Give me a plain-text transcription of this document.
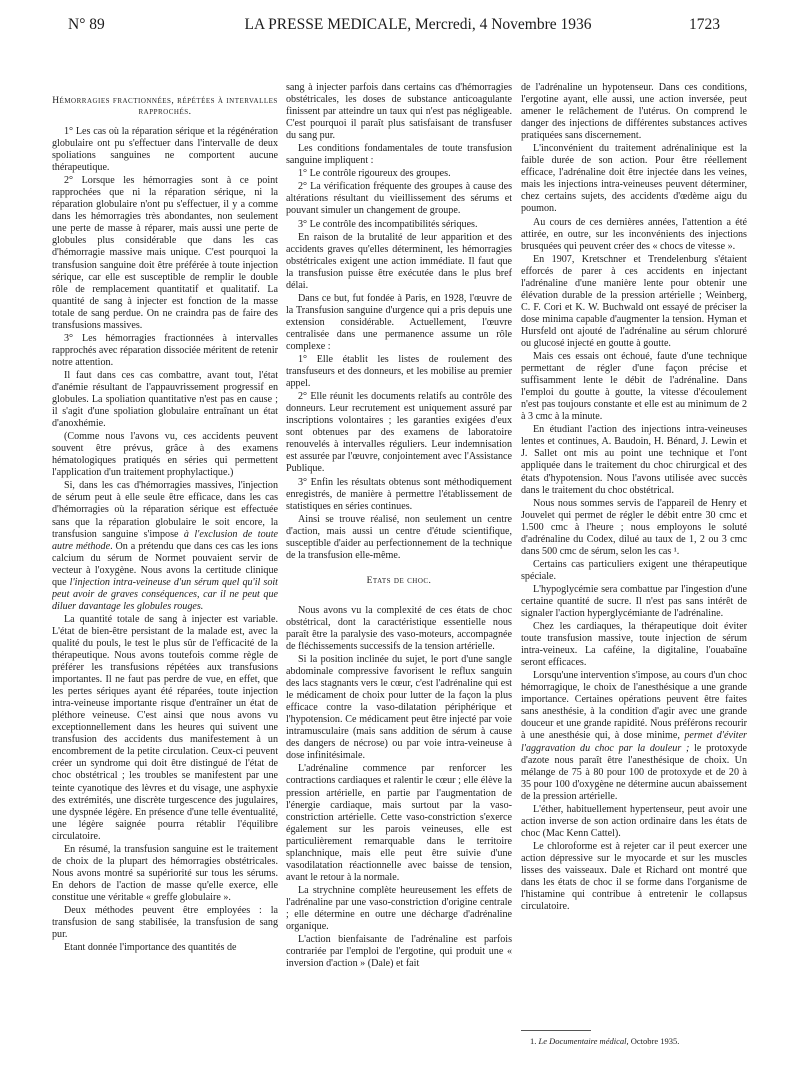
N° 89	LA PRESSE MEDICALE, Mercredi, 4 Novembre 1936	1723

Hémorragies fractionnées, répétées à intervalles rapprochés.

1° Les cas où la réparation sérique et la régénération globulaire ont pu s'effectuer dans l'intervalle de deux spoliations sanguines ne comportent aucune thérapeutique.

2° Lorsque les hémorragies sont à ce point rapprochées que ni la réparation sérique, ni la réparation globulaire n'ont pu s'effectuer, il y a comme dans les hémorragies très abondantes, non seulement une perte de masse à réparer, mais aussi une perte de globules plus considérable que dans les cas d'hémorragie massive mais unique. C'est pourquoi la transfusion sanguine doit être préférée à toute injection sérique, car elle est susceptible de remplir le double rôle de remplacement quantitatif et qualitatif. La quantité de sang à injecter est fonction de la masse totale de sang perdue. On ne craindra pas de faire des transfusions massives.

3° Les hémorragies fractionnées à intervalles rapprochés avec réparation dissociée méritent de retenir notre attention.

Il faut dans ces cas combattre, avant tout, l'état d'anémie résultant de l'appauvrissement progressif en globules. La spoliation quantitative n'est pas en cause ; il s'agit d'une spoliation globulaire entraînant un état d'anoxhémie.

(Comme nous l'avons vu, ces accidents peuvent souvent être prévus, grâce à des examens hématologiques pratiqués en séries qui permettent l'application d'un traitement prophylactique.)

Si, dans les cas d'hémorragies massives, l'injection de sérum peut à elle seule être efficace, dans les cas d'hémorragies où la réparation sérique est effectuée sans que la réparation globulaire le soit encore, la transfusion sanguine s'impose à l'exclusion de toute autre méthode. On a prétendu que dans ces cas les ions calcium du sérum de Normet pouvaient servir de vecteur à l'oxygène. Nous avons la certitude clinique que l'injection intra-veineuse d'un sérum quel qu'il soit peut avoir de graves conséquences, car il ne peut que diluer davantage les globules rouges.

La quantité totale de sang à injecter est variable. L'état de bien-être persistant de la malade est, avec la qualité du pouls, le test le plus sûr de l'efficacité de la thérapeutique. Nous avons toutefois comme règle de préférer les transfusions répétées aux transfusions importantes. Il ne faut pas perdre de vue, en effet, que les pertes sériques ayant été réparées, toute injection intra-veineuse importante risque d'entraîner un état de pléthore veineuse. C'est ainsi que nous avons vu exceptionnellement dans les heures qui suivent une transfusion des accidents dus manifestement à un encombrement de la petite circulation. Ceux-ci peuvent créer un syndrome qui doit être distingué de l'état de choc obstétrical ; les troubles se manifestent par une teinte cyanotique des lèvres et du visage, une asphyxie des extrémités, une discrète turgescence des jugulaires, une dyspnée légère. En présence d'une telle éventualité, une légère saignée pourra rétablir l'équilibre circulatoire.

En résumé, la transfusion sanguine est le traitement de choix de la plupart des hémorragies obstétricales. Nous avons montré sa supériorité sur tous les sérums. En dehors de l'action de masse qu'elle exerce, elle constitue une véritable « greffe globulaire ».

Deux méthodes peuvent être employées : la transfusion de sang stabilisée, la transfusion de sang pur.

Etant donnée l'importance des quantités de

sang à injecter parfois dans certains cas d'hémorragies obstétricales, les doses de substance anticoagulante finissent par atteindre un taux qui n'est pas négligeable. C'est pourquoi il paraît plus satisfaisant de transfuser du sang pur.

Les conditions fondamentales de toute transfusion sanguine impliquent :

1° Le contrôle rigoureux des groupes.

2° La vérification fréquente des groupes à cause des altérations résultant du vieillissement des sérums et pouvant simuler un changement de groupe.

3° Le contrôle des incompatibilités sériques.

En raison de la brutalité de leur apparition et des accidents graves qu'elles déterminent, les hémorragies obstétricales exigent une action immédiate. Il faut que la transfusion puisse être exécutée dans le plus bref délai.

Dans ce but, fut fondée à Paris, en 1928, l'œuvre de la Transfusion sanguine d'urgence qui a pris depuis une extension considérable. Actuellement, l'œuvre centralisée dans une permanence assume un rôle complexe :

1° Elle établit les listes de roulement des transfuseurs et des donneurs, et les mobilise au premier appel.

2° Elle réunit les documents relatifs au contrôle des donneurs. Leur recrutement est uniquement assuré par inscriptions volontaires ; les garanties exigées d'eux sont obtenues par des examens de laboratoire renouvelés à intervalles réguliers. Leur indemnisation est assurée par l'œuvre, conjointement avec l'Assistance Publique.

3° Enfin les résultats obtenus sont méthodiquement enregistrés, de manière à permettre l'établissement de statistiques en séries continues.

Ainsi se trouve réalisé, non seulement un centre d'action, mais aussi un centre d'étude scientifique, susceptible d'aider au perfectionnement de la technique de la transfusion elle-même.

Etats de choc.

Nous avons vu la complexité de ces états de choc obstétrical, dont la caractéristique essentielle nous paraît être la paralysie des vaso-moteurs, accompagnée de fléchissements successifs de la tension artérielle.

Si la position inclinée du sujet, le port d'une sangle abdominale compressive favorisent le reflux sanguin des lacs stagnants vers le cœur, c'est l'adrénaline qui est le médicament de choix pour lutter de la façon la plus efficace contre la vaso-dilatation périphérique et l'hypotension. Ce médicament peut être injecté par voie intramusculaire (mais sans addition de sérum à cause des dangers de nécrose) ou par voie intra-veineuse à dose infinitésimale.

L'adrénaline commence par renforcer les contractions cardiaques et ralentir le cœur ; elle élève la pression artérielle, en partie par l'augmentation de l'énergie cardiaque, mais surtout par la vaso-constriction artérielle. Cette vaso-constriction s'exerce également sur les parois veineuses, elle est particulièrement remarquable dans le territoire splanchnique, mais elle peut être suivie d'une vasodilatation réactionnelle avec baisse de tension, avant le retour à la normale.

La strychnine complète heureusement les effets de l'adrénaline par une vaso-constriction d'origine centrale ; elle détermine en outre une décharge d'adrénaline organique.

L'action bienfaisante de l'adrénaline est parfois contrariée par l'emploi de l'ergotine, qui produit une « inversion d'action » (Dale) et fait

de l'adrénaline un hypotenseur. Dans ces conditions, l'ergotine ayant, elle aussi, une action inversée, peut amener le relâchement de l'utérus. On comprend le danger des injections de différentes substances actives pratiquées sans discernement.

L'inconvénient du traitement adrénalinique est la faible durée de son action. Pour être réellement efficace, l'adrénaline doit être injectée dans les veines, mais les injections intra-veineuses peuvent déterminer, chez certains sujets, des accidents d'œdème aigu du poumon.

Au cours de ces dernières années, l'attention a été attirée, en outre, sur les inconvénients des injections brusquées qui peuvent créer des « chocs de vitesse ».

En 1907, Kretschner et Trendelenburg s'étaient efforcés de parer à ces accidents en injectant l'adrénaline d'une manière lente pour obtenir une élévation durable de la pression artérielle ; Weinberg, C. F. Cori et K. W. Buchwald ont essayé de préciser la dose minima capable d'augmenter la tension. Hyman et Hursfeld ont ajouté de l'adrénaline au sérum chloruré ou glucosé injecté en goutte à goutte.

Mais ces essais ont échoué, faute d'une technique permettant de régler d'une façon précise et suffisamment lente le débit de l'adrénaline. Dans l'emploi du goutte à goutte, la vitesse d'écoulement n'est pas toujours constante et elle est au minimum de 2 à 3 cmc à la minute.

En étudiant l'action des injections intra-veineuses lentes et continues, A. Baudoin, H. Bénard, J. Lewin et J. Sallet ont mis au point une technique et l'ont appliquée dans le traitement du choc chirurgical et des états d'hypotension. Nous l'avons utilisée avec succès dans le traitement du choc obstétrical.

Nous nous sommes servis de l'appareil de Henry et Jouvelet qui permet de régler le débit entre 30 cmc et 1.500 cmc à l'heure ; nous employons le soluté d'adrénaline du Codex, dilué au taux de 1, 2 ou 3 cmc dans 500 cmc de sérum, selon les cas ¹.

Certains cas particuliers exigent une thérapeutique spéciale.

L'hypoglycémie sera combattue par l'ingestion d'une certaine quantité de sucre. Il n'est pas sans intérêt de signaler l'action hyperglycémiante de l'adrénaline.

Chez les cardiaques, la thérapeutique doit éviter toute transfusion massive, toute injection de sérum intra-veineux. La caféine, la digitaline, l'ouabaïne seront efficaces.

Lorsqu'une intervention s'impose, au cours d'un choc hémorragique, le choix de l'anesthésique a une grande importance. Certaines opérations peuvent être faites sans anesthésie, à la condition d'agir avec une grande douceur et une grande rapidité. Nous préférons recourir à une anesthésie qui, à dose minime, permet d'éviter l'aggravation du choc par la douleur ; le protoxyde d'azote nous paraît être l'anesthésique de choix. Un mélange de 75 à 80 pour 100 de protoxyde et de 20 à 35 pour 100 d'oxygène ne détermine aucun abaissement de la pression artérielle.

L'éther, habituellement hypertenseur, peut avoir une action inverse de son action ordinaire dans les états de choc (Mac Kenn Cattel).

Le chloroforme est à rejeter car il peut exercer une action dépressive sur le myocarde et sur les muscles lisses des vaisseaux. Dale et Richard ont montré que dans les états de choc il se forme dans l'organisme de l'histamine qui contribue à entretenir le collapsus circulatoire.

1. Le Documentaire médical, Octobre 1935.
